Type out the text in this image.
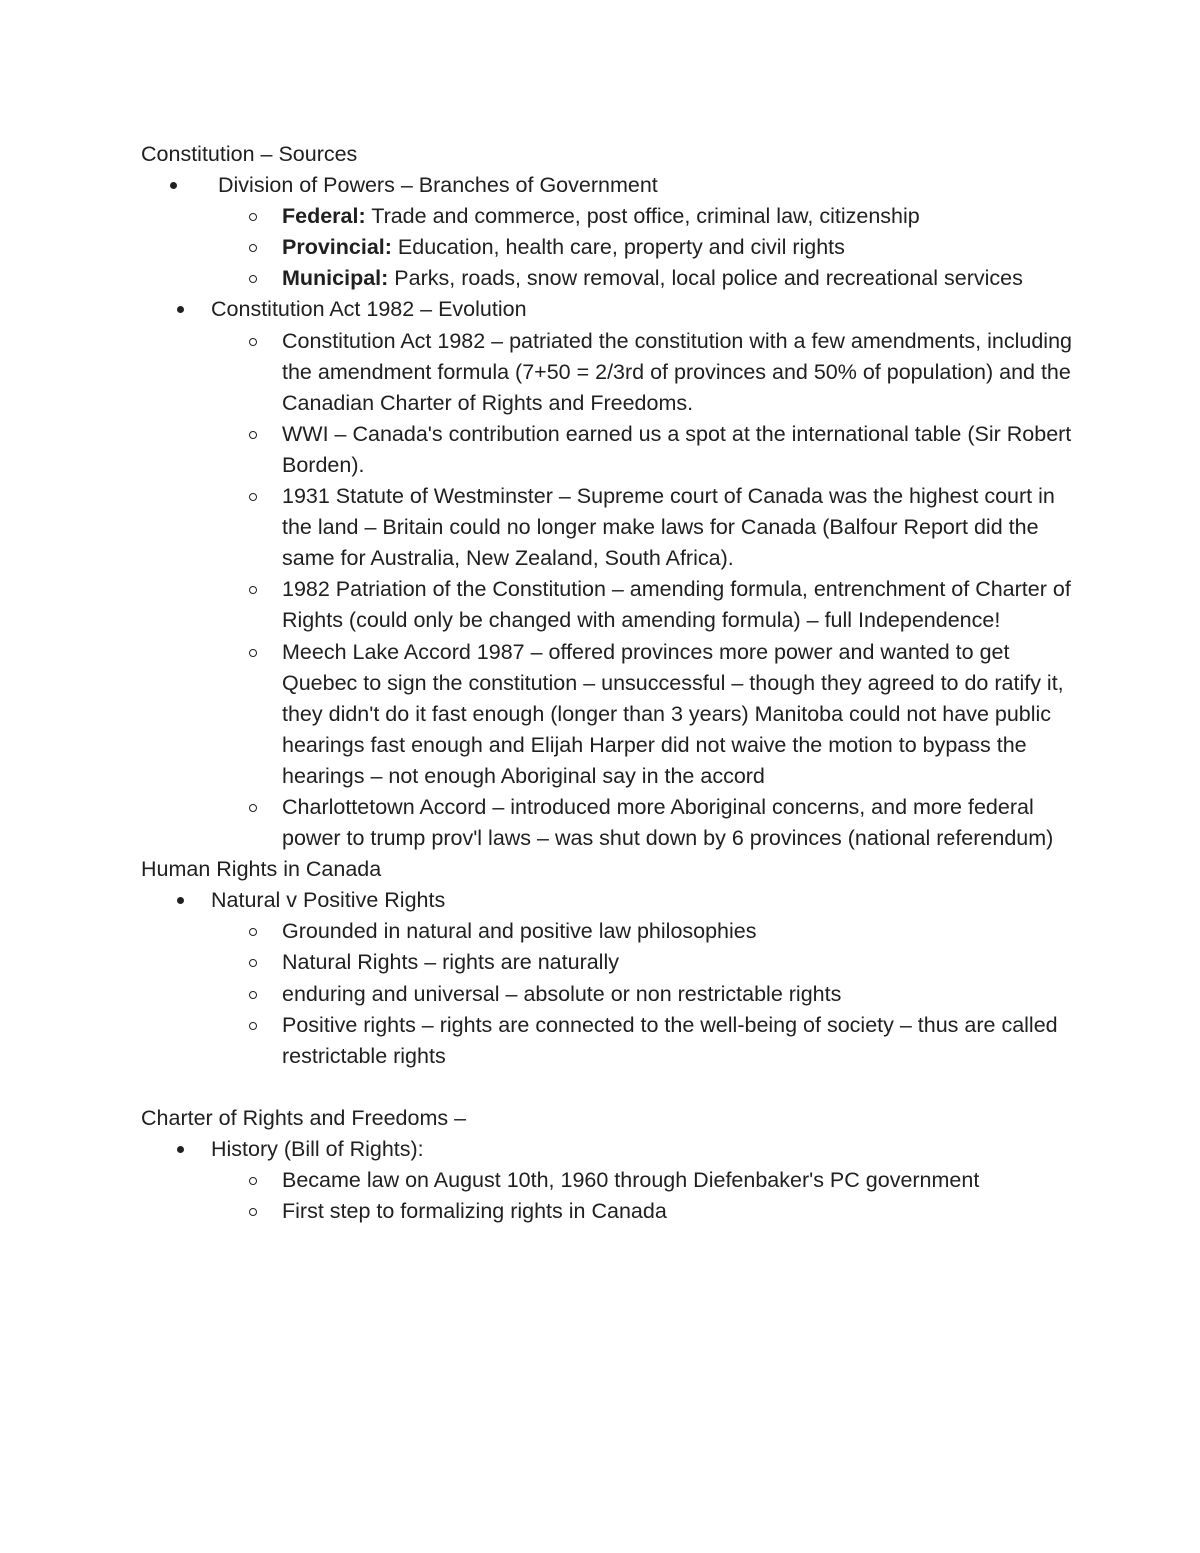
Constitution – Sources
Division of Powers – Branches of Government
Federal: Trade and commerce, post office, criminal law, citizenship
Provincial: Education, health care, property and civil rights
Municipal: Parks, roads, snow removal, local police and recreational services
Constitution Act 1982 – Evolution
Constitution Act 1982 – patriated the constitution with a few amendments, including the amendment formula (7+50 = 2/3rd of provinces and 50% of population) and the Canadian Charter of Rights and Freedoms.
WWI – Canada's contribution earned us a spot at the international table (Sir Robert Borden).
1931 Statute of Westminster – Supreme court of Canada was the highest court in the land – Britain could no longer make laws for Canada (Balfour Report did the same for Australia, New Zealand, South Africa).
1982 Patriation of the Constitution – amending formula, entrenchment of Charter of Rights (could only be changed with amending formula) – full Independence!
Meech Lake Accord 1987 – offered provinces more power and wanted to get Quebec to sign the constitution – unsuccessful – though they agreed to do ratify it, they didn't do it fast enough (longer than 3 years) Manitoba could not have public hearings fast enough and Elijah Harper did not waive the motion to bypass the hearings – not enough Aboriginal say in the accord
Charlottetown Accord – introduced more Aboriginal concerns, and more federal power to trump prov'l laws – was shut down by 6 provinces (national referendum)
Human Rights in Canada
Natural v Positive Rights
Grounded in natural and positive law philosophies
Natural Rights – rights are naturally
enduring and universal – absolute or non restrictable rights
Positive rights – rights are connected to the well-being of society – thus are called restrictable rights
Charter of Rights and Freedoms –
History (Bill of Rights):
Became law on August 10th, 1960 through Diefenbaker's PC government
First step to formalizing rights in Canada
